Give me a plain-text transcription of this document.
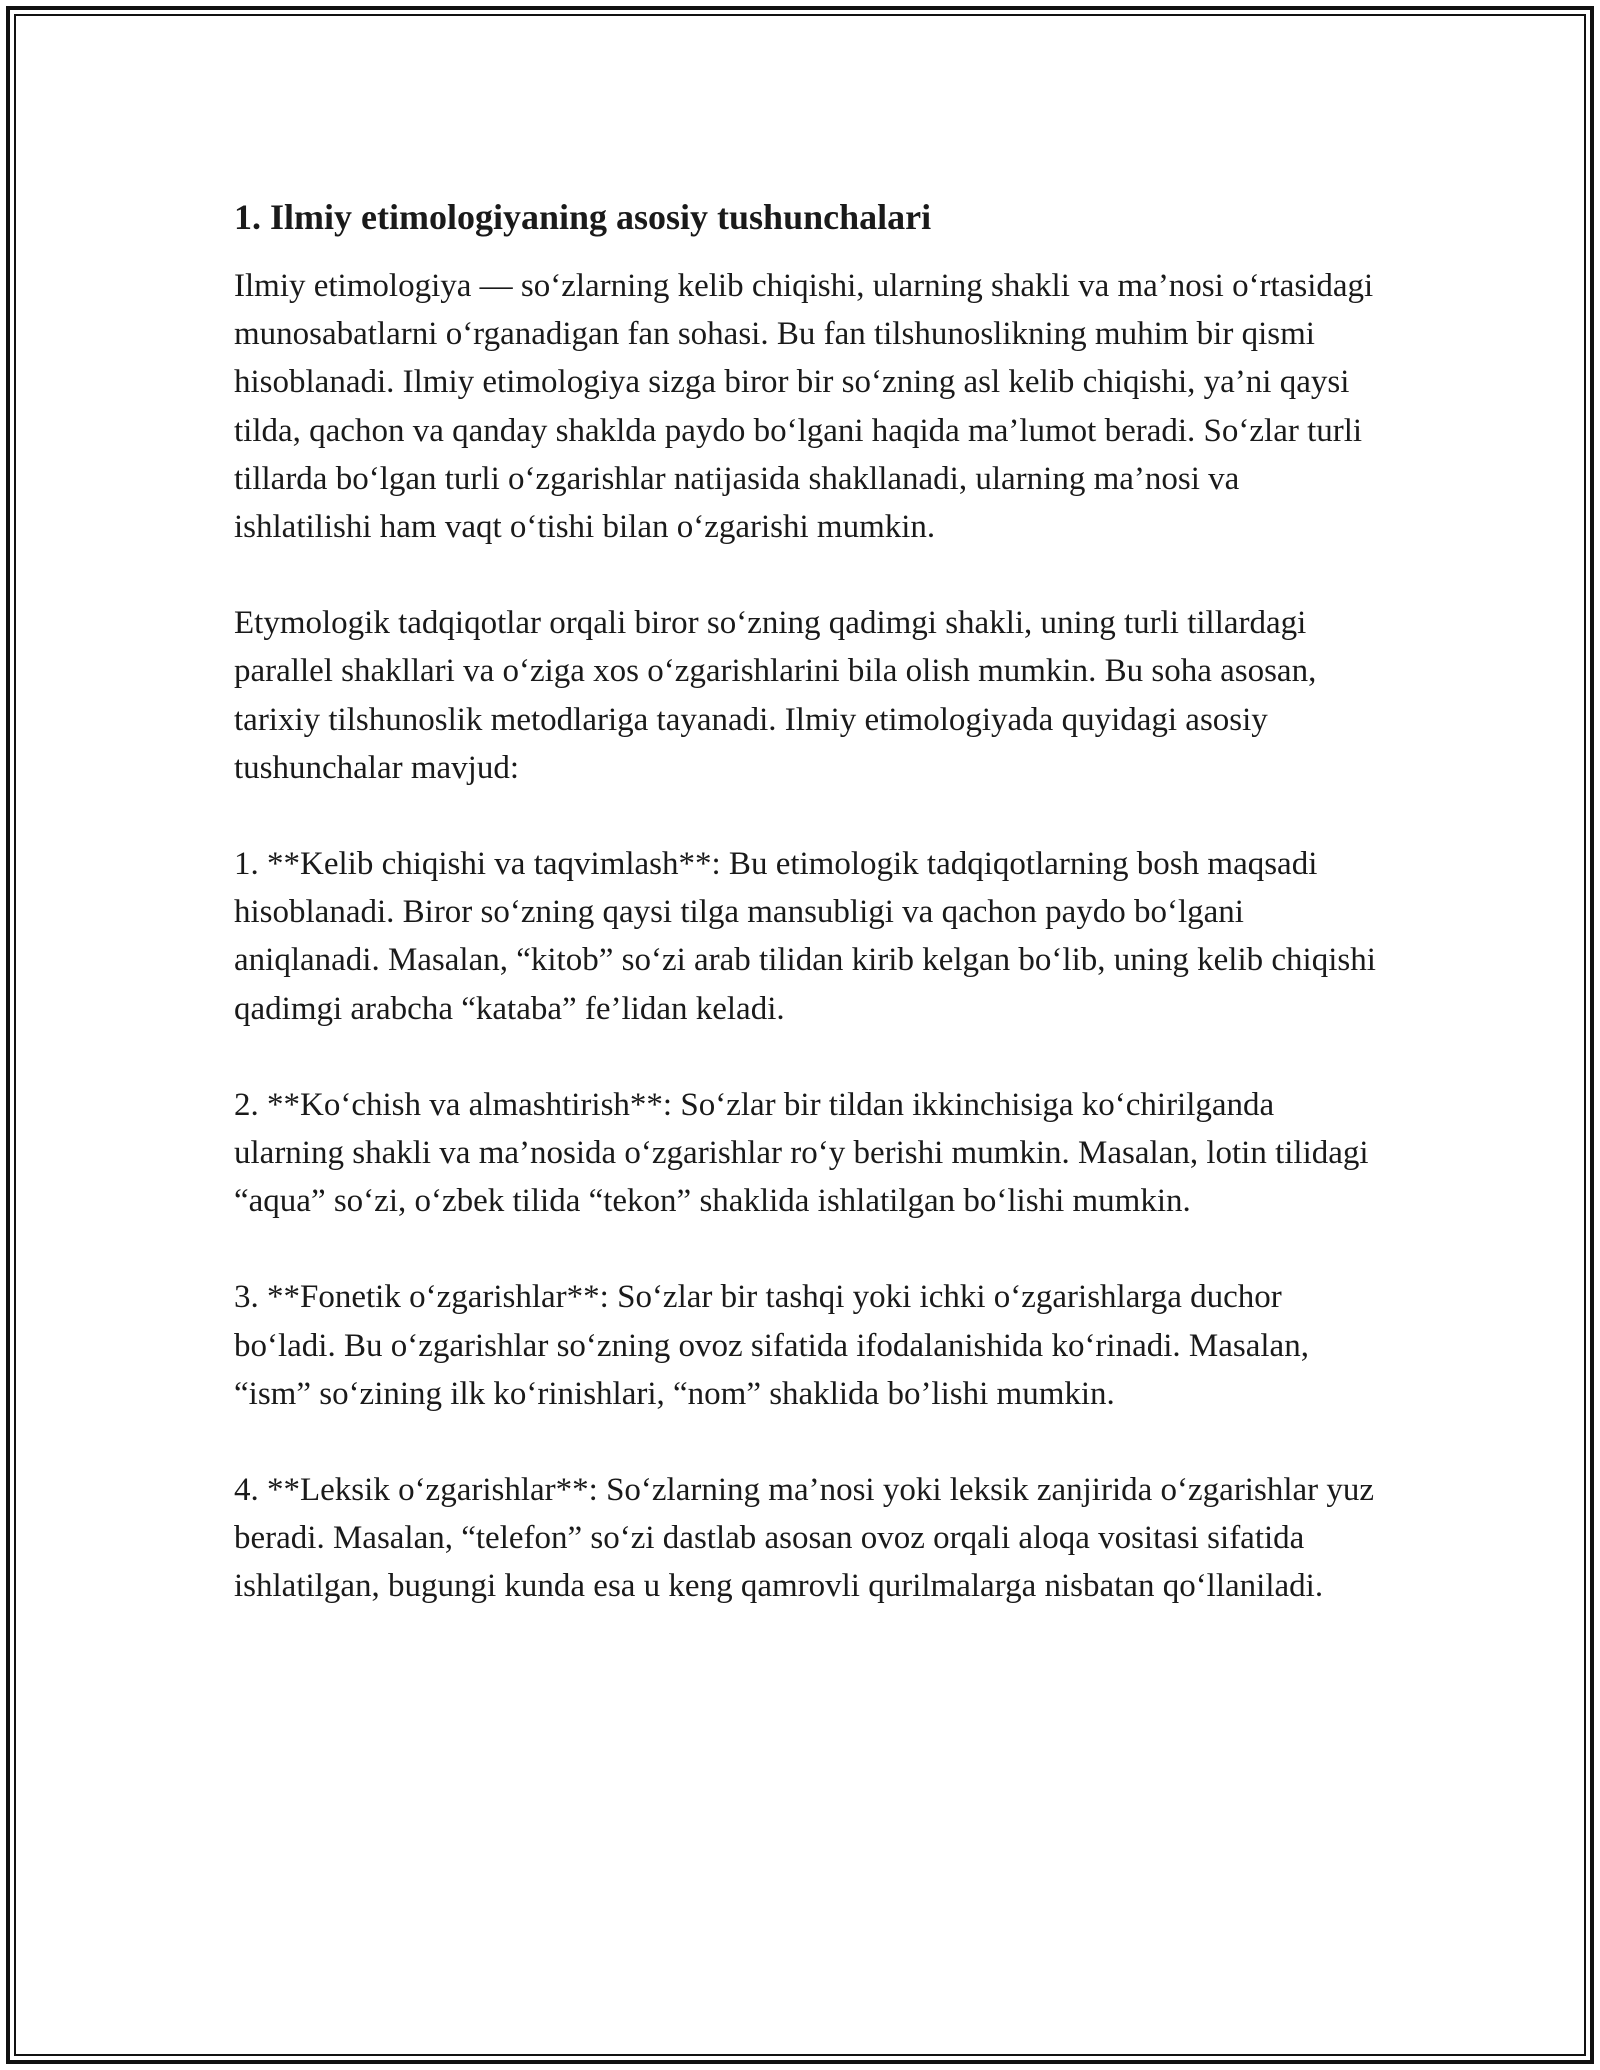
1. Ilmiy etimologiyaning asosiy tushunchalari

Ilmiy etimologiya — so‘zlarning kelib chiqishi, ularning shakli va ma’nosi o‘rtasidagi munosabatlarni o‘rganadigan fan sohasi. Bu fan tilshunoslikning muhim bir qismi hisoblanadi. Ilmiy etimologiya sizga biror bir so‘zning asl kelib chiqishi, ya’ni qaysi tilda, qachon va qanday shaklda paydo bo‘lgani haqida ma’lumot beradi. So‘zlar turli tillarda bo‘lgan turli o‘zgarishlar natijasida shakllanadi, ularning ma’nosi va ishlatilishi ham vaqt o‘tishi bilan o‘zgarishi mumkin.

Etymologik tadqiqotlar orqali biror so‘zning qadimgi shakli, uning turli tillardagi parallel shakllari va o‘ziga xos o‘zgarishlarini bila olish mumkin. Bu soha asosan, tarixiy tilshunoslik metodlariga tayanadi. Ilmiy etimologiyada quyidagi asosiy tushunchalar mavjud:

1. **Kelib chiqishi va taqvimlash**: Bu etimologik tadqiqotlarning bosh maqsadi hisoblanadi. Biror so‘zning qaysi tilga mansubligi va qachon paydo bo‘lgani aniqlanadi. Masalan, “kitob” so‘zi arab tilidan kirib kelgan bo‘lib, uning kelib chiqishi qadimgi arabcha “kataba” fe’lidan keladi.

2. **Ko‘chish va almashtirish**: So‘zlar bir tildan ikkinchisiga ko‘chirilganda ularning shakli va ma’nosida o‘zgarishlar ro‘y berishi mumkin. Masalan, lotin tilidagi “aqua” so‘zi, o‘zbek tilida “tekon” shaklida ishlatilgan bo‘lishi mumkin.

3. **Fonetik o‘zgarishlar**: So‘zlar bir tashqi yoki ichki o‘zgarishlarga duchor bo‘ladi. Bu o‘zgarishlar so‘zning ovoz sifatida ifodalanishida ko‘rinadi. Masalan, “ism” so‘zining ilk ko‘rinishlari, “nom” shaklida bo’lishi mumkin.

4. **Leksik o‘zgarishlar**: So‘zlarning ma’nosi yoki leksik zanjirida o‘zgarishlar yuz beradi. Masalan, “telefon” so‘zi dastlab asosan ovoz orqali aloqa vositasi sifatida ishlatilgan, bugungi kunda esa u keng qamrovli qurilmalarga nisbatan qo‘llaniladi.
